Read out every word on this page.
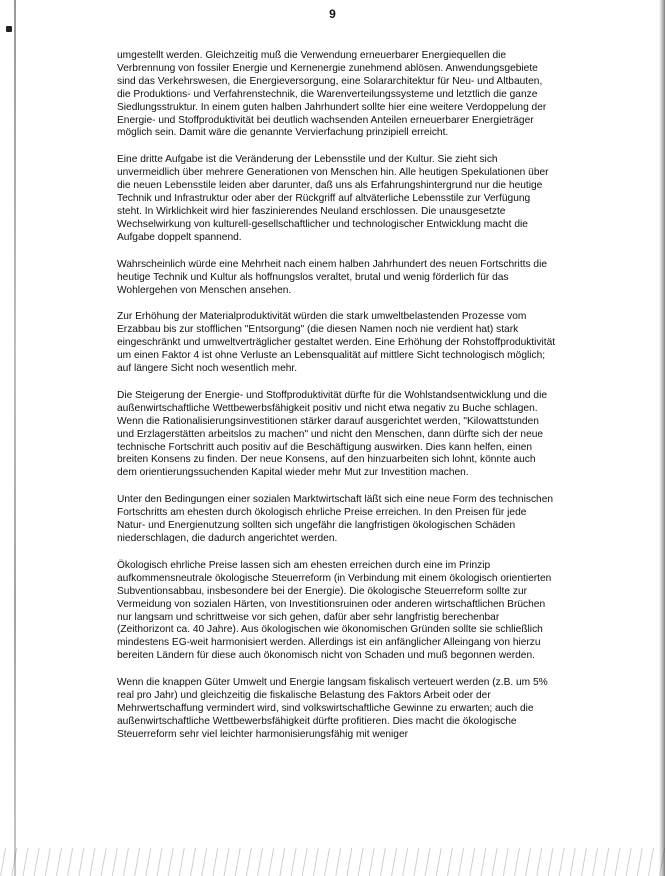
9

umgestellt werden. Gleichzeitig muß die Verwendung erneuerbarer Energiequellen die Verbrennung von fossiler Energie und Kernenergie zunehmend ablösen. Anwendungsgebiete sind das Verkehrswesen, die Energieversorgung, eine Solararchitektur für Neu- und Altbauten, die Produktions- und Verfahrenstechnik, die Warenverteilungssysteme und letztlich die ganze Siedlungsstruktur. In einem guten halben Jahrhundert sollte hier eine weitere Verdoppelung der Energie- und Stoffproduktivität bei deutlich wachsenden Anteilen erneuerbarer Energieträger möglich sein. Damit wäre die genannte Vervierfachung prinzipiell erreicht.

Eine dritte Aufgabe ist die Veränderung der Lebensstile und der Kultur. Sie zieht sich unvermeidlich über mehrere Generationen von Menschen hin. Alle heutigen Spekulationen über die neuen Lebensstile leiden aber darunter, daß uns als Erfahrungshintergrund nur die heutige Technik und Infrastruktur oder aber der Rückgriff auf altväterliche Lebensstile zur Verfügung steht. In Wirklichkeit wird hier faszinierendes Neuland erschlossen. Die unausgesetzte Wechselwirkung von kulturell-gesellschaftlicher und technologischer Entwicklung macht die Aufgabe doppelt spannend.

Wahrscheinlich würde eine Mehrheit nach einem halben Jahrhundert des neuen Fortschritts die heutige Technik und Kultur als hoffnungslos veraltet, brutal und wenig förderlich für das Wohlergehen von Menschen ansehen.

Zur Erhöhung der Materialproduktivität würden die stark umweltbelastenden Prozesse vom Erzabbau bis zur stofflichen "Entsorgung" (die diesen Namen noch nie verdient hat) stark eingeschränkt und umweltverträglicher gestaltet werden. Eine Erhöhung der Rohstoffproduktivität um einen Faktor 4 ist ohne Verluste an Lebensqualität auf mittlere Sicht technologisch möglich; auf längere Sicht noch wesentlich mehr.

Die Steigerung der Energie- und Stoffproduktivität dürfte für die Wohlstandsentwicklung und die außenwirtschaftliche Wettbewerbsfähigkeit positiv und nicht etwa negativ zu Buche schlagen. Wenn die Rationalisierungsinvestitionen stärker darauf ausgerichtet werden, "Kilowattstunden und Erzlagerstätten arbeitslos zu machen" und nicht den Menschen, dann dürfte sich der neue technische Fortschritt auch positiv auf die Beschäftigung auswirken. Dies kann helfen, einen breiten Konsens zu finden. Der neue Konsens, auf den hinzuarbeiten sich lohnt, könnte auch dem orientierungssuchenden Kapital wieder mehr Mut zur Investition machen.

Unter den Bedingungen einer sozialen Marktwirtschaft läßt sich eine neue Form des technischen Fortschritts am ehesten durch ökologisch ehrliche Preise erreichen. In den Preisen für jede Natur- und Energienutzung sollten sich ungefähr die langfristigen ökologischen Schäden niederschlagen, die dadurch angerichtet werden.

Ökologisch ehrliche Preise lassen sich am ehesten erreichen durch eine im Prinzip aufkommensneutrale ökologische Steuerreform (in Verbindung mit einem ökologisch orientierten Subventionsabbau, insbesondere bei der Energie). Die ökologische Steuerreform sollte zur Vermeidung von sozialen Härten, von Investitionsruinen oder anderen wirtschaftlichen Brüchen nur langsam und schrittweise vor sich gehen, dafür aber sehr langfristig berechenbar (Zeithorizont ca. 40 Jahre). Aus ökologischen wie ökonomischen Gründen sollte sie schließlich mindestens EG-weit harmonisiert werden. Allerdings ist ein anfänglicher Alleingang von hierzu bereiten Ländern für diese auch ökonomisch nicht von Schaden und muß begonnen werden.

Wenn die knappen Güter Umwelt und Energie langsam fiskalisch verteuert werden (z.B. um 5% real pro Jahr) und gleichzeitig die fiskalische Belastung des Faktors Arbeit oder der Mehrwertschaffung vermindert wird, sind volkswirtschaftliche Gewinne zu erwarten; auch die außenwirtschaftliche Wettbewerbsfähigkeit dürfte profitieren. Dies macht die ökologische Steuerreform sehr viel leichter harmonisierungsfähig mit weniger
